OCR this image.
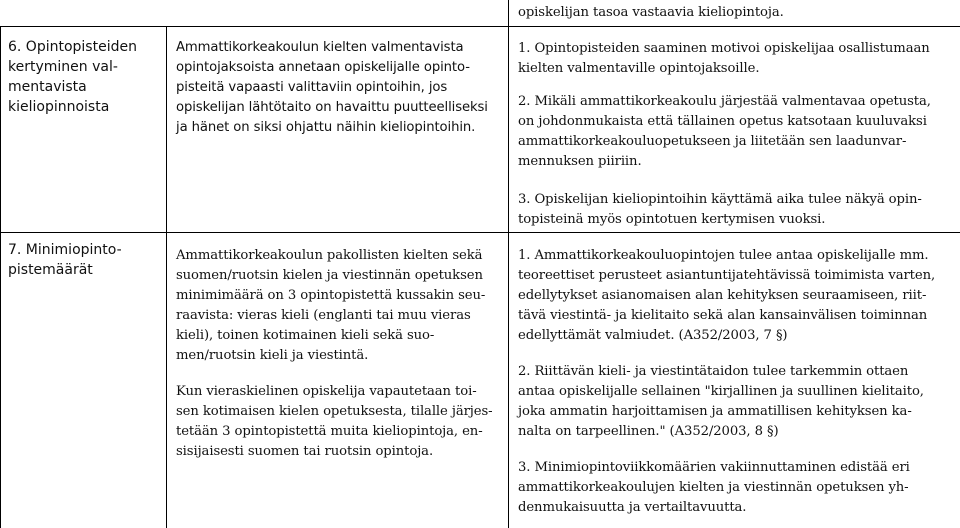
opiskelijan tasoa vastaavia kieliopintoja.
6. Opintopisteiden
kertyminen val-
mentavista
kieliopinnoista
Ammattikorkeakoulun kielten valmentavista
opintojaksoista annetaan opiskelijalle opinto-
pisteitä vapaasti valittaviin opintoihin, jos
opiskelijan lähtötaito on havaittu puutteelliseksi
ja hänet on siksi ohjattu näihin kieliopintoihin.
1. Opintopisteiden saaminen motivoi opiskelijaa osallistumaan
kielten valmentaville opintojaksoille.
2. Mikäli ammattikorkeakoulu järjestää valmentavaa opetusta,
on johdonmukaista että tällainen opetus katsotaan kuuluvaksi
ammattikorkeakouluopetukseen ja liitetään sen laadunvar-
mennuksen piiriin.
3. Opiskelijan kieliopintoihin käyttämä aika tulee näkyä opin-
topisteinä myös opintotuen kertymisen vuoksi.
7. Minimiopinto-
pistemäärät
Ammattikorkeakoulun pakollisten kielten sekä
suomen/ruotsin kielen ja viestinnän opetuksen
minimimäärä on 3 opintopistettä kussakin seu-
raavista: vieras kieli (englanti tai muu vieras
kieli), toinen kotimainen kieli sekä suo-
men/ruotsin kieli ja viestintä.
Kun vieraskielinen opiskelija vapautetaan toi-
sen kotimaisen kielen opetuksesta, tilalle järjes-
tetään 3 opintopistettä muita kieliopintoja, en-
sisijaisesti suomen tai ruotsin opintoja.
1. Ammattikorkeakouluopintojen tulee antaa opiskelijalle mm.
teoreettiset perusteet asiantuntijatehtävissä toimimista varten,
edellytykset asianomaisen alan kehityksen seuraamiseen, riit-
tävä viestintä- ja kielitaito sekä alan kansainvälisen toiminnan
edellyttämät valmiudet. (A352/2003, 7 §)
2. Riittävän kieli- ja viestintätaidon tulee tarkemmin ottaen
antaa opiskelijalle sellainen "kirjallinen ja suullinen kielitaito,
joka ammatin harjoittamisen ja ammatillisen kehityksen ka-
nalta on tarpeellinen." (A352/2003, 8 §)
3. Minimiopintoviikkomäärien vakiinnuttaminen edistää eri
ammattikorkeakoulujen kielten ja viestinnän opetuksen yh-
denmukaisuutta ja vertailtavuutta.
